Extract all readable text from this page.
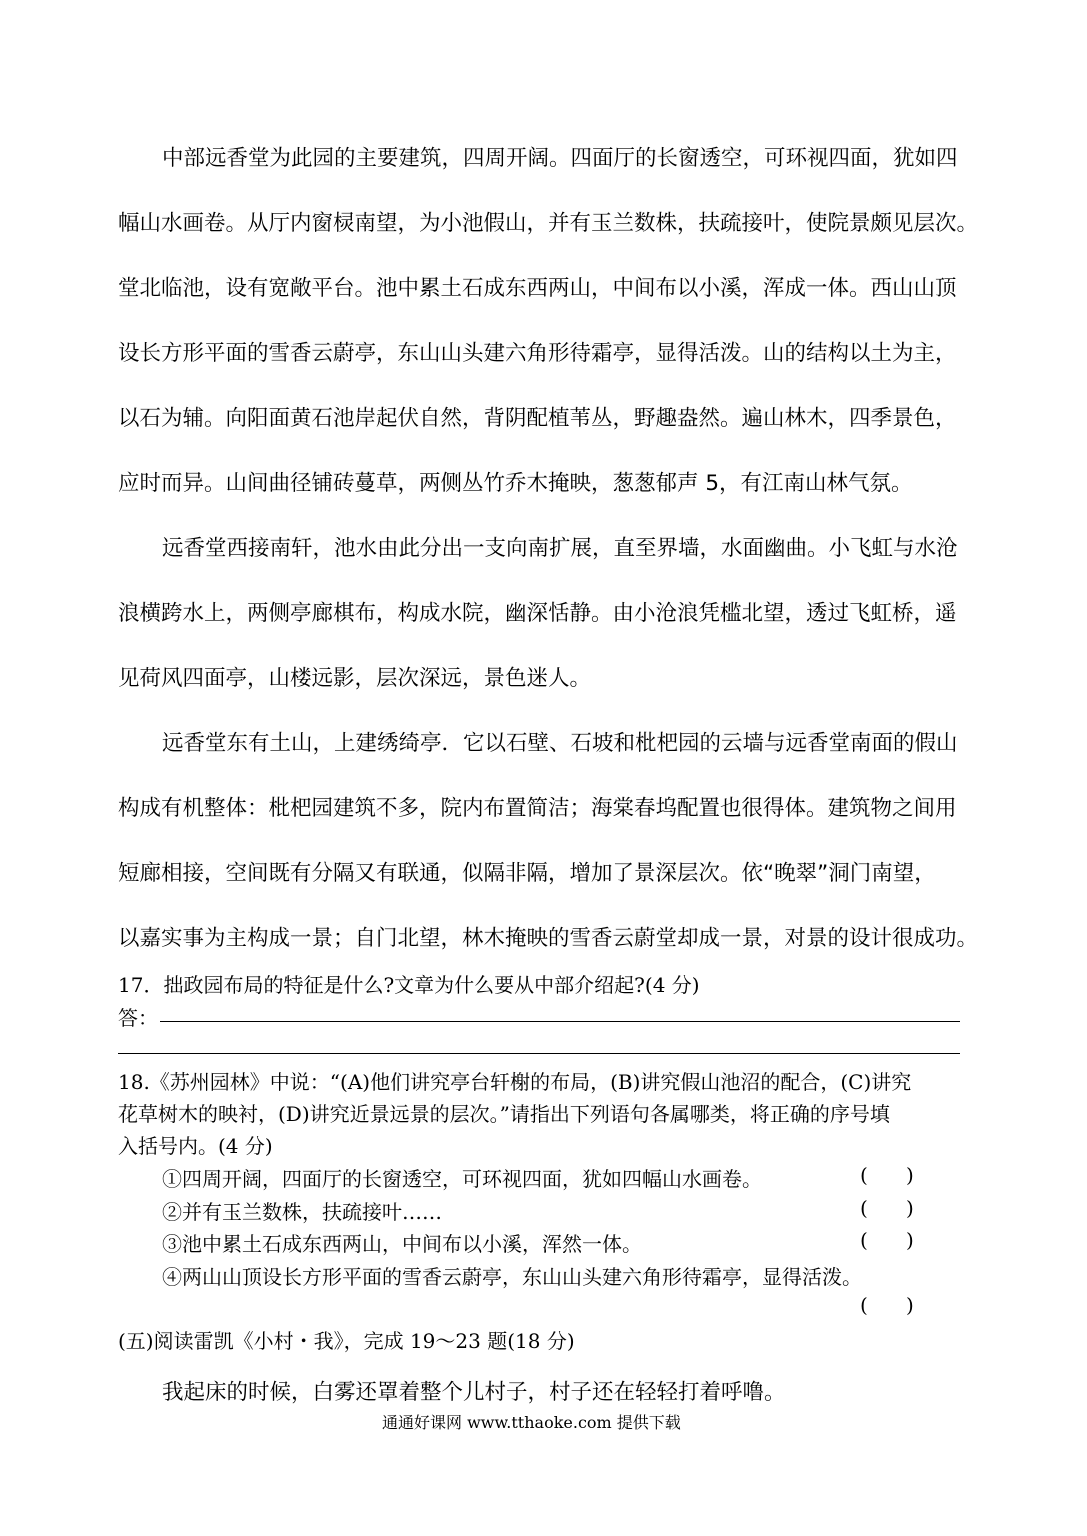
中部远香堂为此园的主要建筑，四周开阔。四面厅的长窗透空，可环视四面，犹如四
幅山水画卷。从厅内窗棂南望，为小池假山，并有玉兰数株，扶疏接叶，使院景颇见层次。
堂北临池，设有宽敞平台。池中累土石成东西两山，中间布以小溪，浑成一体。西山山顶
设长方形平面的雪香云蔚亭，东山山头建六角形待霜亭，显得活泼。山的结构以土为主，
以石为辅。向阳面黄石池岸起伏自然，背阴配植苇丛，野趣盎然。遍山林木，四季景色，
应时而异。山间曲径铺砖蔓草，两侧丛竹乔木掩映，葱葱郁声 5，有江南山林气氛。
远香堂西接南轩，池水由此分出一支向南扩展，直至界墙，水面幽曲。小飞虹与水沧
浪横跨水上，两侧亭廊棋布，构成水院，幽深恬静。由小沧浪凭槛北望，透过飞虹桥，遥
见荷风四面亭，山楼远影，层次深远，景色迷人。
远香堂东有土山，上建绣绮亭．它以石壁、石坡和枇杷园的云墙与远香堂南面的假山
构成有机整体：枇杷园建筑不多，院内布置简洁；海棠春坞配置也很得体。建筑物之间用
短廊相接，空间既有分隔又有联通，似隔非隔，增加了景深层次。依“晚翠”洞门南望，
以嘉实事为主构成一景；自门北望，林木掩映的雪香云蔚堂却成一景，对景的设计很成功。
17．拙政园布局的特征是什么?文章为什么要从中部介绍起?(4 分)
答：
18.《苏州园林》中说：“(A)他们讲究亭台轩榭的布局，(B)讲究假山池沼的配合，(C)讲究
花草树木的映衬，(D)讲究近景远景的层次。”请指出下列语句各属哪类，将正确的序号填
入括号内。(4 分)
①四周开阔，四面厅的长窗透空，可环视四面，犹如四幅山水画卷。	(      )
②并有玉兰数株，扶疏接叶……	(      )
③池中累土石成东西两山，中间布以小溪，浑然一体。	(      )
④两山山顶设长方形平面的雪香云蔚亭，东山山头建六角形待霜亭，显得活泼。
(      )
(五)阅读雷凯《小村・我》，完成 19～23 题(18 分)
我起床的时候，白雾还罩着整个儿村子，村子还在轻轻打着呼噜。
通通好课网 www.tthaoke.com 提供下载
